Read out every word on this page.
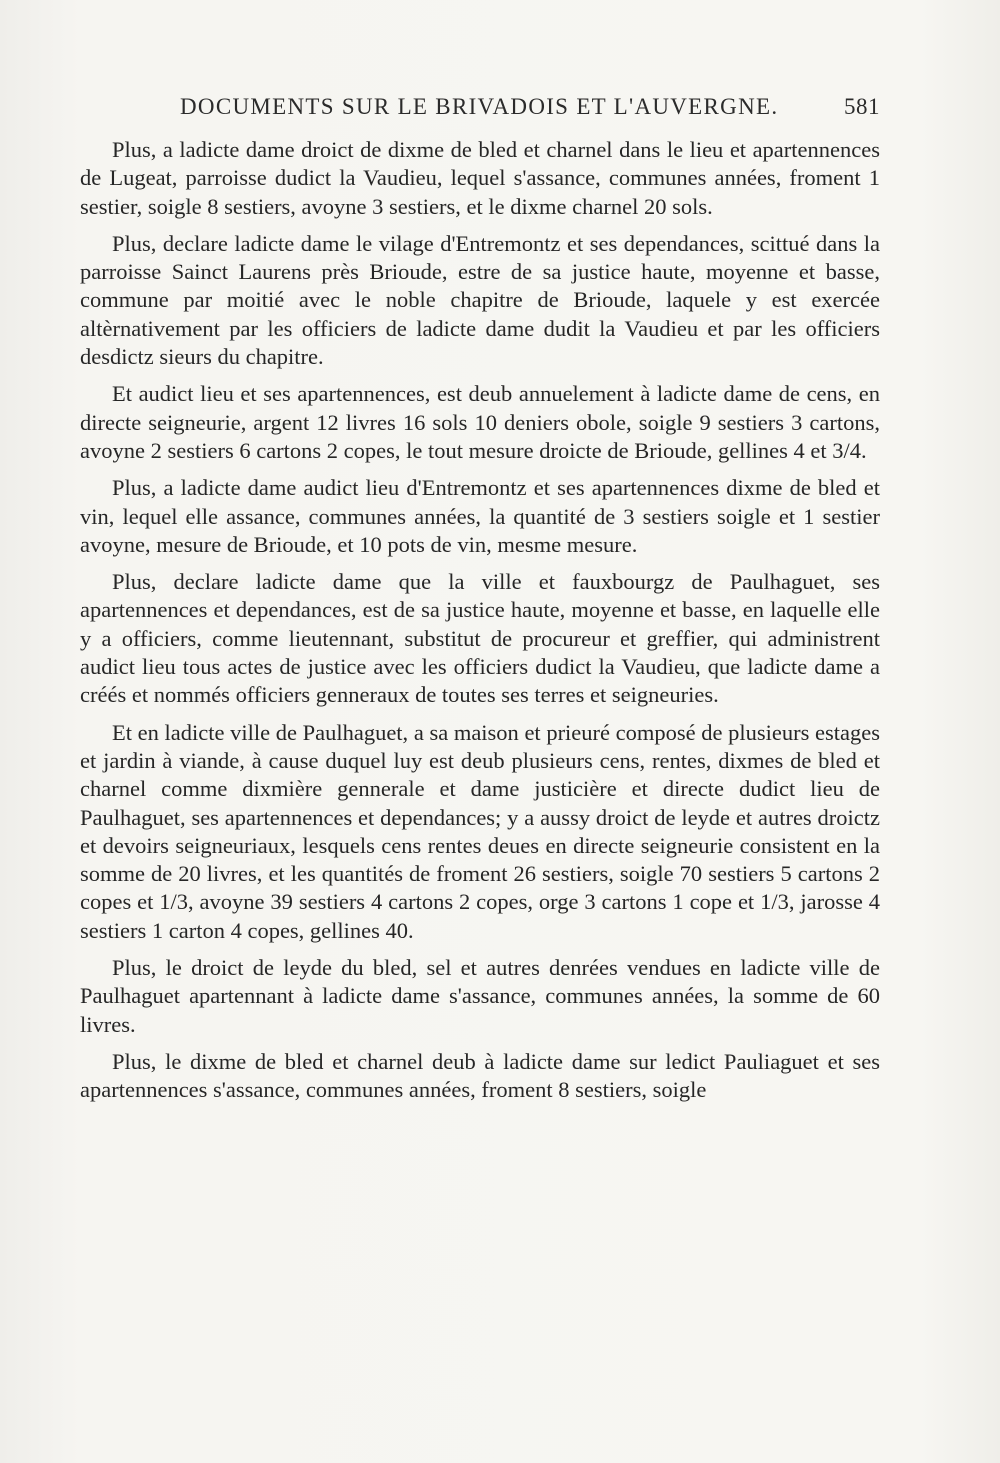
DOCUMENTS SUR LE BRIVADOIS ET L'AUVERGNE.	581

Plus, a ladicte dame droict de dixme de bled et charnel dans le lieu et apartennences de Lugeat, parroisse dudict la Vaudieu, lequel s'assance, communes années, froment 1 sestier, soigle 8 sestiers, avoyne 3 sestiers, et le dixme charnel 20 sols.

Plus, declare ladicte dame le vilage d'Entremontz et ses dependances, scittué dans la parroisse Sainct Laurens près Brioude, estre de sa justice haute, moyenne et basse, commune par moitié avec le noble chapitre de Brioude, laquele y est exercée altèrnativement par les officiers de ladicte dame dudit la Vaudieu et par les officiers desdictz sieurs du chapitre.

Et audict lieu et ses apartennences, est deub annuelement à ladicte dame de cens, en directe seigneurie, argent 12 livres 16 sols 10 deniers obole, soigle 9 sestiers 3 cartons, avoyne 2 sestiers 6 cartons 2 copes, le tout mesure droicte de Brioude, gellines 4 et 3/4.

Plus, a ladicte dame audict lieu d'Entremontz et ses apartennences dixme de bled et vin, lequel elle assance, communes années, la quantité de 3 sestiers soigle et 1 sestier avoyne, mesure de Brioude, et 10 pots de vin, mesme mesure.

Plus, declare ladicte dame que la ville et fauxbourgz de Paulhaguet, ses apartennences et dependances, est de sa justice haute, moyenne et basse, en laquelle elle y a officiers, comme lieutennant, substitut de procureur et greffier, qui administrent audict lieu tous actes de justice avec les officiers dudict la Vaudieu, que ladicte dame a créés et nommés officiers genneraux de toutes ses terres et seigneuries.

Et en ladicte ville de Paulhaguet, a sa maison et prieuré composé de plusieurs estages et jardin à viande, à cause duquel luy est deub plusieurs cens, rentes, dixmes de bled et charnel comme dixmière gennerale et dame justicière et directe dudict lieu de Paulhaguet, ses apartennences et dependances; y a aussy droict de leyde et autres droictz et devoirs seigneuriaux, lesquels cens rentes deues en directe seigneurie consistent en la somme de 20 livres, et les quantités de froment 26 sestiers, soigle 70 sestiers 5 cartons 2 copes et 1/3, avoyne 39 sestiers 4 cartons 2 copes, orge 3 cartons 1 cope et 1/3, jarosse 4 sestiers 1 carton 4 copes, gellines 40.

Plus, le droict de leyde du bled, sel et autres denrées vendues en ladicte ville de Paulhaguet apartennant à ladicte dame s'assance, communes années, la somme de 60 livres.

Plus, le dixme de bled et charnel deub à ladicte dame sur ledict Pauliaguet et ses apartennences s'assance, communes années, froment 8 sestiers, soigle
